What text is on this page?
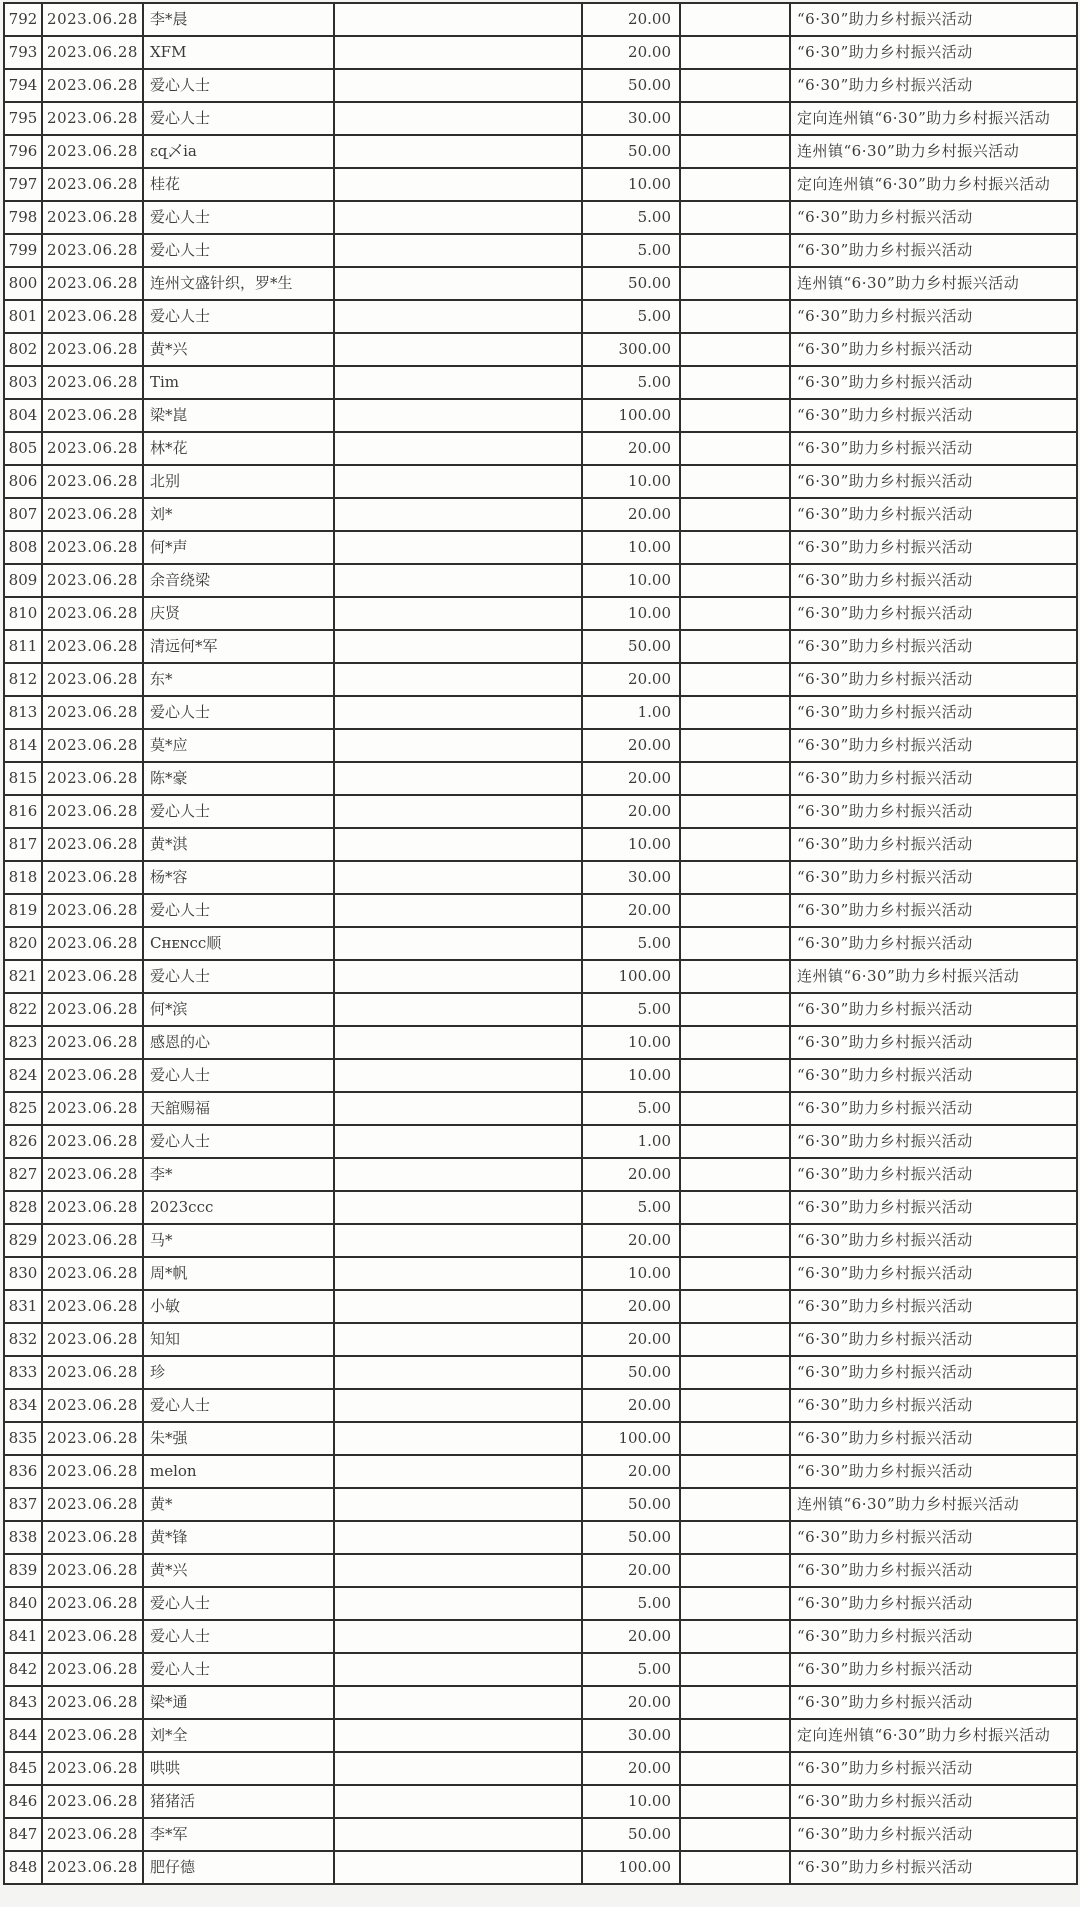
792	2023.06.28	李*晨		20.00		“6·30”助力乡村振兴活动
793	2023.06.28	XFM		20.00		“6·30”助力乡村振兴活动
794	2023.06.28	爱心人士		50.00		“6·30”助力乡村振兴活动
795	2023.06.28	爱心人士		30.00		定向连州镇“6·30”助力乡村振兴活动
796	2023.06.28	εզ乄ia		50.00		连州镇“6·30”助力乡村振兴活动
797	2023.06.28	桂花		10.00		定向连州镇“6·30”助力乡村振兴活动
798	2023.06.28	爱心人士		5.00		“6·30”助力乡村振兴活动
799	2023.06.28	爱心人士		5.00		“6·30”助力乡村振兴活动
800	2023.06.28	连州文盛针织，罗*生		50.00		连州镇“6·30”助力乡村振兴活动
801	2023.06.28	爱心人士		5.00		“6·30”助力乡村振兴活动
802	2023.06.28	黄*兴		300.00		“6·30”助力乡村振兴活动
803	2023.06.28	Tim		5.00		“6·30”助力乡村振兴活动
804	2023.06.28	梁*崑		100.00		“6·30”助力乡村振兴活动
805	2023.06.28	林*花		20.00		“6·30”助力乡村振兴活动
806	2023.06.28	北别		10.00		“6·30”助力乡村振兴活动
807	2023.06.28	刘*		20.00		“6·30”助力乡村振兴活动
808	2023.06.28	何*声		10.00		“6·30”助力乡村振兴活动
809	2023.06.28	余音绕梁		10.00		“6·30”助力乡村振兴活动
810	2023.06.28	庆贤		10.00		“6·30”助力乡村振兴活动
811	2023.06.28	清远何*军		50.00		“6·30”助力乡村振兴活动
812	2023.06.28	东*		20.00		“6·30”助力乡村振兴活动
813	2023.06.28	爱心人士		1.00		“6·30”助力乡村振兴活动
814	2023.06.28	莫*应		20.00		“6·30”助力乡村振兴活动
815	2023.06.28	陈*豪		20.00		“6·30”助力乡村振兴活动
816	2023.06.28	爱心人士		20.00		“6·30”助力乡村振兴活动
817	2023.06.28	黄*淇		10.00		“6·30”助力乡村振兴活动
818	2023.06.28	杨*容		30.00		“6·30”助力乡村振兴活动
819	2023.06.28	爱心人士		20.00		“6·30”助力乡村振兴活动
820	2023.06.28	Cʜᴇɴcc顺		5.00		“6·30”助力乡村振兴活动
821	2023.06.28	爱心人士		100.00		连州镇“6·30”助力乡村振兴活动
822	2023.06.28	何*滨		5.00		“6·30”助力乡村振兴活动
823	2023.06.28	感恩的心		10.00		“6·30”助力乡村振兴活动
824	2023.06.28	爱心人士		10.00		“6·30”助力乡村振兴活动
825	2023.06.28	天舘赐福		5.00		“6·30”助力乡村振兴活动
826	2023.06.28	爱心人士		1.00		“6·30”助力乡村振兴活动
827	2023.06.28	李*		20.00		“6·30”助力乡村振兴活动
828	2023.06.28	2023ccc		5.00		“6·30”助力乡村振兴活动
829	2023.06.28	马*		20.00		“6·30”助力乡村振兴活动
830	2023.06.28	周*帆		10.00		“6·30”助力乡村振兴活动
831	2023.06.28	小敏		20.00		“6·30”助力乡村振兴活动
832	2023.06.28	知知		20.00		“6·30”助力乡村振兴活动
833	2023.06.28	珍		50.00		“6·30”助力乡村振兴活动
834	2023.06.28	爱心人士		20.00		“6·30”助力乡村振兴活动
835	2023.06.28	朱*强		100.00		“6·30”助力乡村振兴活动
836	2023.06.28	melon		20.00		“6·30”助力乡村振兴活动
837	2023.06.28	黄*		50.00		连州镇“6·30”助力乡村振兴活动
838	2023.06.28	黄*锋		50.00		“6·30”助力乡村振兴活动
839	2023.06.28	黄*兴		20.00		“6·30”助力乡村振兴活动
840	2023.06.28	爱心人士		5.00		“6·30”助力乡村振兴活动
841	2023.06.28	爱心人士		20.00		“6·30”助力乡村振兴活动
842	2023.06.28	爱心人士		5.00		“6·30”助力乡村振兴活动
843	2023.06.28	梁*通		20.00		“6·30”助力乡村振兴活动
844	2023.06.28	刘*全		30.00		定向连州镇“6·30”助力乡村振兴活动
845	2023.06.28	哄哄		20.00		“6·30”助力乡村振兴活动
846	2023.06.28	猪猪活		10.00		“6·30”助力乡村振兴活动
847	2023.06.28	李*军		50.00		“6·30”助力乡村振兴活动
848	2023.06.28	肥仔德		100.00		“6·30”助力乡村振兴活动
